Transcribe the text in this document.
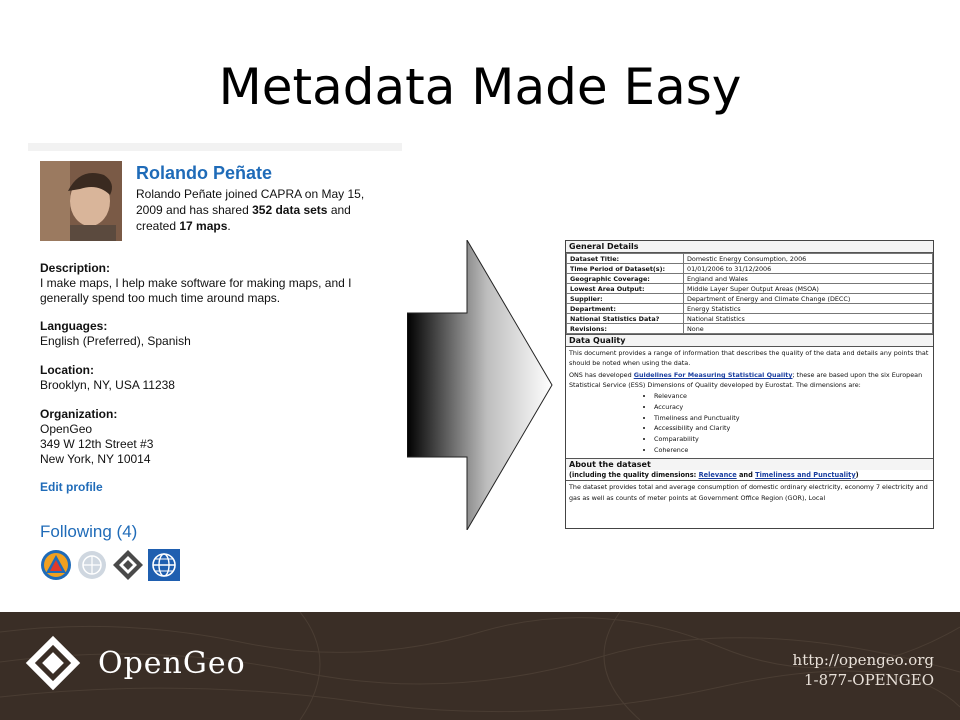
Metadata Made Easy
Rolando Peñate
Rolando Peñate joined CAPRA on May 15, 2009 and has shared 352 data sets and created 17 maps.
Description:
I make maps, I help make software for making maps, and I generally spend too much time around maps.
Languages:
English (Preferred), Spanish
Location:
Brooklyn, NY, USA 11238
Organization:
OpenGeo
349 W 12th Street #3
New York, NY 10014
Edit profile
Following (4)
General Details
Dataset Title:	Domestic Energy Consumption, 2006
Time Period of Dataset(s):	01/01/2006 to 31/12/2006
Geographic Coverage:	England and Wales
Lowest Area Output:	Middle Layer Super Output Areas (MSOA)
Supplier:	Department of Energy and Climate Change (DECC)
Department:	Energy Statistics
National Statistics Data?	National Statistics
Revisions:	None
Data Quality

This document provides a range of information that describes the quality of the data and details any points that should be noted when using the data.

ONS has developed Guidelines For Measuring Statistical Quality; these are based upon the six European Statistical Service (ESS) Dimensions of Quality developed by Eurostat. The dimensions are:

• Relevance
• Accuracy
• Timeliness and Punctuality
• Accessibility and Clarity
• Comparability
• Coherence
About the dataset
(including the quality dimensions: Relevance and Timeliness and Punctuality)

The dataset provides total and average consumption of domestic ordinary electricity, economy 7 electricity and gas as well as counts of meter points at Government Office Region (GOR), Local

OpenGeo	http://opengeo.org
1-877-OPENGEO
